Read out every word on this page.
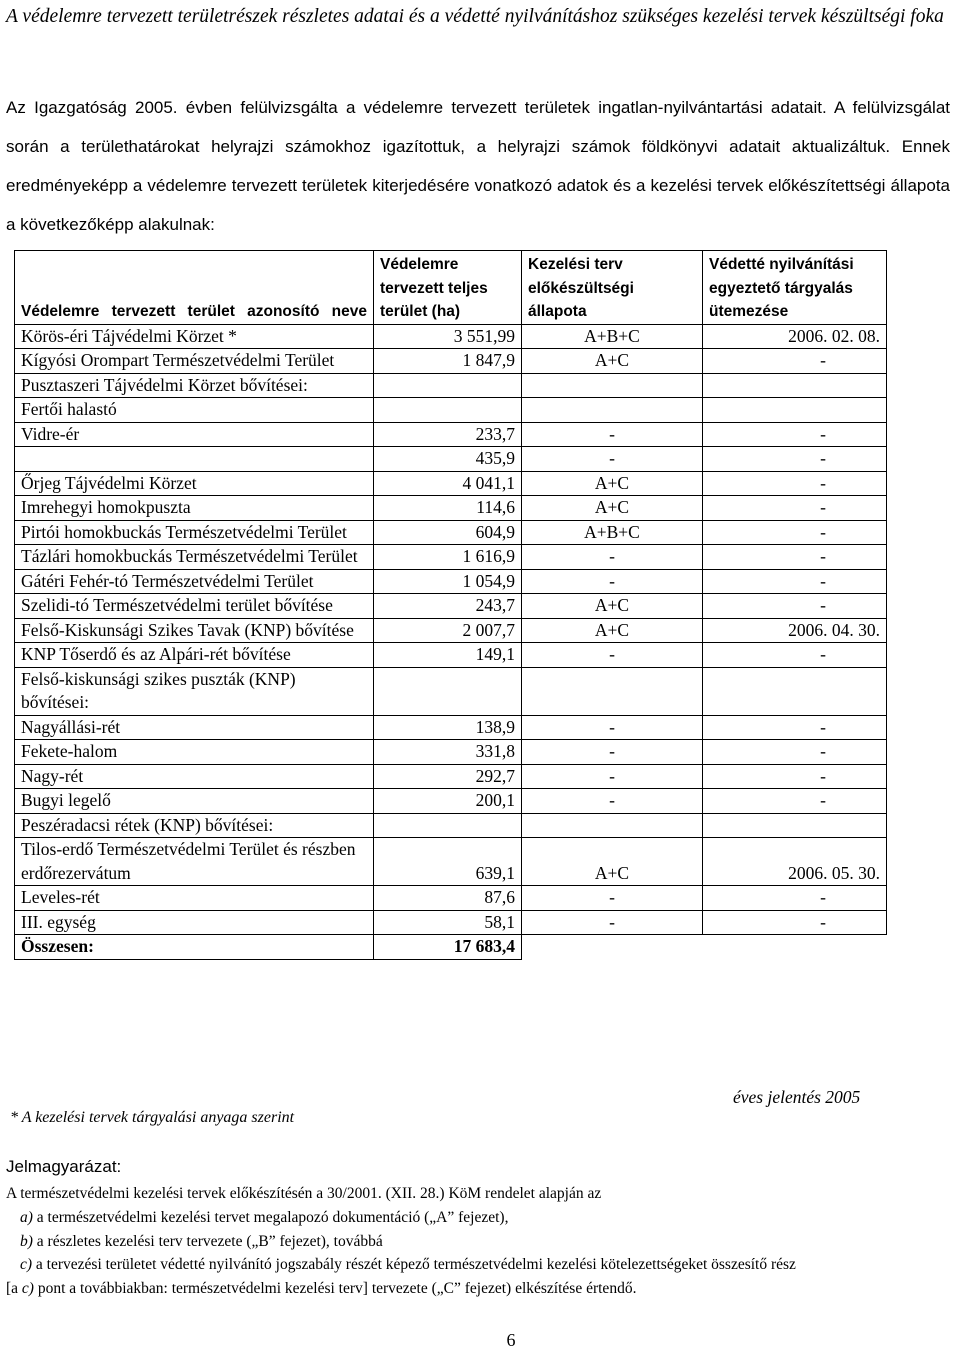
A védelemre tervezett területrészek részletes adatai és a védetté nyilvánításhoz szükséges kezelési tervek készültségi foka
Az Igazgatóság 2005. évben felülvizsgálta a védelemre tervezett területek ingatlan-nyilvántartási adatait. A felülvizsgálat során a területhatárokat helyrajzi számokhoz igazítottuk, a helyrajzi számok földkönyvi adatait aktualizáltuk. Ennek eredményeképp a védelemre tervezett területek kiterjedésére vonatkozó adatok és a kezelési tervek előkészítettségi állapota a következőképp alakulnak:
Védelemre tervezett terület azonosító neve	Védelemre tervezett teljes terület (ha)	Kezelési terv előkészültségi állapota	Védetté nyilvánítási egyeztető tárgyalás ütemezése
Körös-éri Tájvédelmi Körzet *	3 551,99	A+B+C	2006. 02. 08.
Kígyósi Orompart Természetvédelmi Terület	1 847,9	A+C	-
Pusztaszeri Tájvédelmi Körzet bővítései:			
Fertői halastó			
Vidre-ér	233,7	-	-
	435,9	-	-
Őrjeg Tájvédelmi Körzet	4 041,1	A+C	-
Imrehegyi homokpuszta	114,6	A+C	-
Pirtói homokbuckás Természetvédelmi Terület	604,9	A+B+C	-
Tázlári homokbuckás Természetvédelmi Terület	1 616,9	-	-
Gátéri Fehér-tó Természetvédelmi Terület	1 054,9	-	-
Szelidi-tó Természetvédelmi terület bővítése	243,7	A+C	-
Felső-Kiskunsági Szikes Tavak (KNP) bővítése	2 007,7	A+C	2006. 04. 30.
KNP Tőserdő és az Alpári-rét bővítése	149,1	-	-
Felső-kiskunsági szikes puszták (KNP) bővítései:			
Nagyállási-rét	138,9	-	-
Fekete-halom	331,8	-	-
Nagy-rét	292,7	-	-
Bugyi legelő	200,1	-	-
Peszéradacsi rétek (KNP) bővítései:			
Tilos-erdő Természetvédelmi Terület és részben erdőrezervátum	639,1	A+C	2006. 05. 30.
Leveles-rét	87,6	-	-
III. egység	58,1	-	-
Összesen:	17 683,4		
éves jelentés 2005
* A kezelési tervek tárgyalási anyaga szerint
Jelmagyarázat:
A természetvédelmi kezelési tervek előkészítésén a 30/2001. (XII. 28.) KöM rendelet alapján az
a) a természetvédelmi kezelési tervet megalapozó dokumentáció („A” fejezet),
b) a részletes kezelési terv tervezete („B” fejezet), továbbá
c) a tervezési területet védetté nyilvánító jogszabály részét képező természetvédelmi kezelési kötelezettségeket összesítő rész
[a c) pont a továbbiakban: természetvédelmi kezelési terv] tervezete („C” fejezet) elkészítése értendő.
6
